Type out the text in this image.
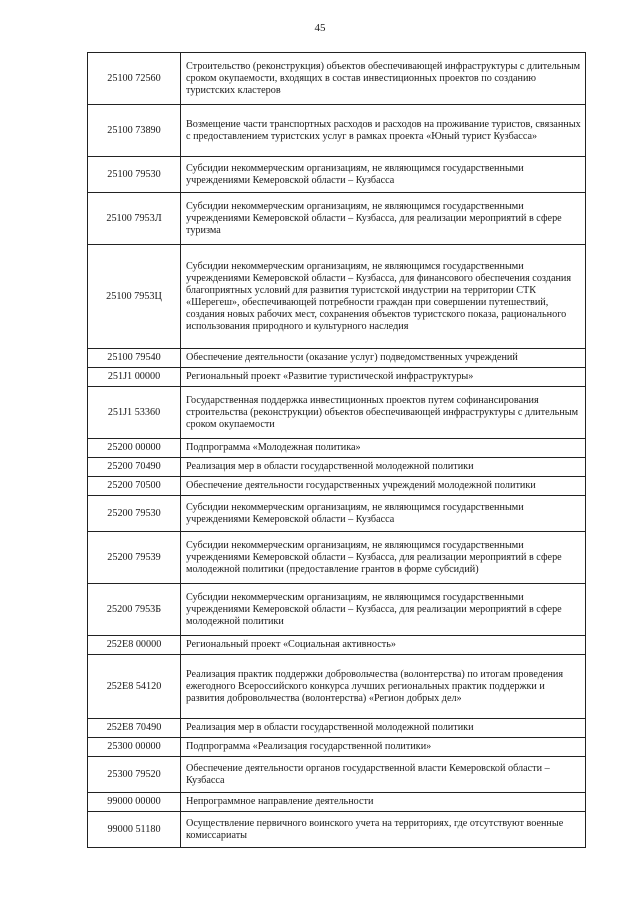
45
25100 72560	Строительство (реконструкция) объектов обеспечивающей инфраструктуры с длительным сроком окупаемости, входящих в состав инвестиционных проектов по созданию туристских кластеров
25100 73890	Возмещение части транспортных расходов и расходов на проживание туристов, связанных с предоставлением туристских услуг в рамках проекта «Юный турист Кузбасса»
25100 79530	Субсидии некоммерческим организациям, не являющимся государственными учреждениями Кемеровской области – Кузбасса
25100 7953Л	Субсидии некоммерческим организациям, не являющимся государственными учреждениями Кемеровской области – Кузбасса, для реализации мероприятий в сфере туризма
25100 7953Ц	Субсидии некоммерческим организациям, не являющимся государственными учреждениями Кемеровской области – Кузбасса, для финансового обеспечения создания благоприятных условий для развития туристской индустрии на территории СТК «Шерегеш», обеспечивающей потребности граждан при совершении путешествий, создания новых рабочих мест, сохранения объектов туристского показа, рационального использования природного и культурного наследия
25100 79540	Обеспечение деятельности (оказание услуг) подведомственных учреждений
251J1 00000	Региональный проект «Развитие туристической инфраструктуры»
251J1 53360	Государственная поддержка инвестиционных проектов путем софинансирования строительства (реконструкции) объектов обеспечивающей инфраструктуры с длительным сроком окупаемости
25200 00000	Подпрограмма «Молодежная политика»
25200 70490	Реализация мер в области государственной молодежной политики
25200 70500	Обеспечение деятельности государственных учреждений молодежной политики
25200 79530	Субсидии некоммерческим организациям, не являющимся государственными учреждениями Кемеровской области – Кузбасса
25200 79539	Субсидии некоммерческим организациям, не являющимся государственными учреждениями Кемеровской области – Кузбасса, для реализации мероприятий в сфере молодежной политики (предоставление грантов в форме субсидий)
25200 7953Б	Субсидии некоммерческим организациям, не являющимся государственными учреждениями Кемеровской области – Кузбасса, для реализации мероприятий в сфере молодежной политики
252E8 00000	Региональный проект «Социальная активность»
252E8 54120	Реализация практик поддержки добровольчества (волонтерства) по итогам проведения ежегодного Всероссийского конкурса лучших региональных практик поддержки и развития добровольчества (волонтерства) «Регион добрых дел»
252E8 70490	Реализация мер в области государственной молодежной политики
25300 00000	Подпрограмма «Реализация государственной политики»
25300 79520	Обеспечение деятельности органов государственной власти Кемеровской области – Кузбасса
99000 00000	Непрограммное направление деятельности
99000 51180	Осуществление первичного воинского учета на территориях, где отсутствуют военные комиссариаты
